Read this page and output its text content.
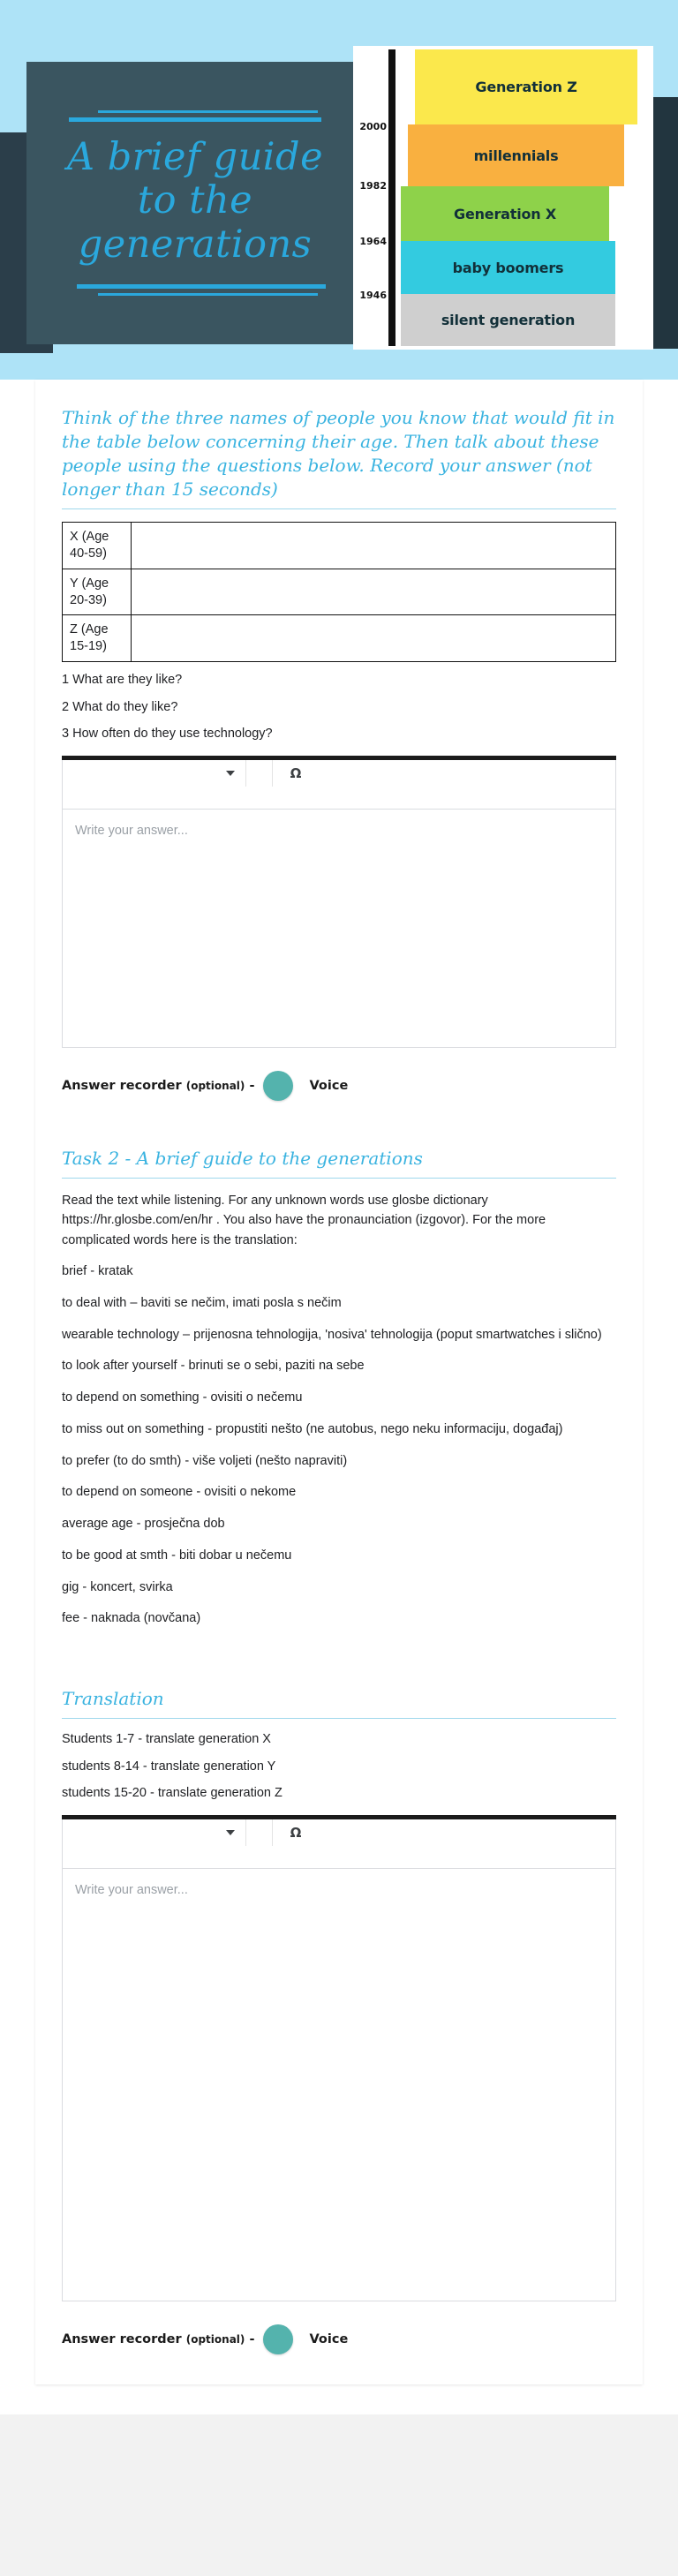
A brief guide
to the
generations
Generation Z
millennials
Generation X
baby boomers
silent generation
2000
1982
1964
1946
Think of the three names of people you know that would fit in the table below concerning their age. Then talk about these people using the questions below. Record your answer (not longer than 15 seconds)
X (Age 40-59)	
Y (Age 20-39)	
Z (Age 15-19)	
1 What are they like?
2 What do they like?
3 How often do they use technology?
Ω
Write your answer...
Answer recorder (optional) -	Voice
Task 2 - A brief guide to the generations
Read the text while listening. For any unknown words use glosbe dictionary https://hr.glosbe.com/en/hr . You also have the pronaunciation (izgovor). For the more complicated words here is the translation:
brief - kratak
to deal with – baviti se nečim, imati posla s nečim
wearable technology – prijenosna tehnologija, 'nosiva' tehnologija (poput smartwatches i slično)
to look after yourself - brinuti se o sebi, paziti na sebe
to depend on something - ovisiti o nečemu
to miss out on something - propustiti nešto (ne autobus, nego neku informaciju, događaj)
to prefer (to do smth) - više voljeti (nešto napraviti)
to depend on someone - ovisiti o nekome
average age - prosječna dob
to be good at smth - biti dobar u nečemu
gig - koncert, svirka
fee - naknada (novčana)
Translation
Students 1-7 - translate generation X
students 8-14 - translate generation Y
students 15-20 - translate generation Z
Ω
Write your answer...
Answer recorder (optional) -	Voice
